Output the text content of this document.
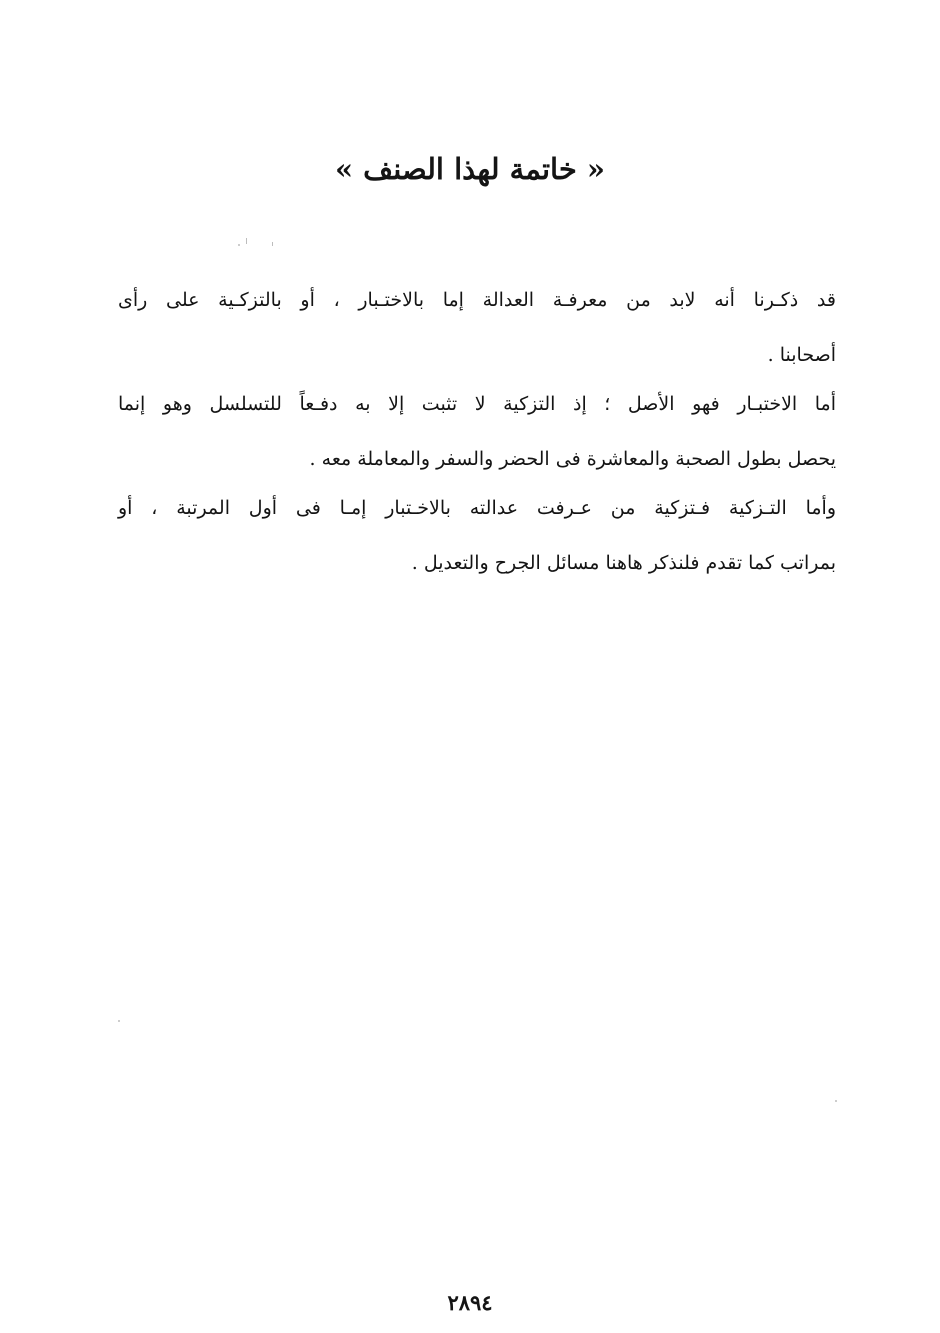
« خاتمة لهذا الصنف »
قد ذكـرنا أنه لابد من معرفـة العدالة إما بالاختـبار ، أو بالتزكـية على رأى
أصحابنا .
أما الاختبـار فهو الأصل ؛ إذ التزكية لا تثبت إلا به دفـعاً للتسلسل وهو إنما
يحصل بطول الصحبة والمعاشرة فى الحضر والسفر والمعاملة معه .
وأما التـزكية فـتزكية من عـرفت عدالته بالاخـتبار إمـا فى أول المرتبة ، أو
بمراتب كما تقدم فلنذكر هاهنا مسائل الجرح والتعديل .
٢٨٩٤
